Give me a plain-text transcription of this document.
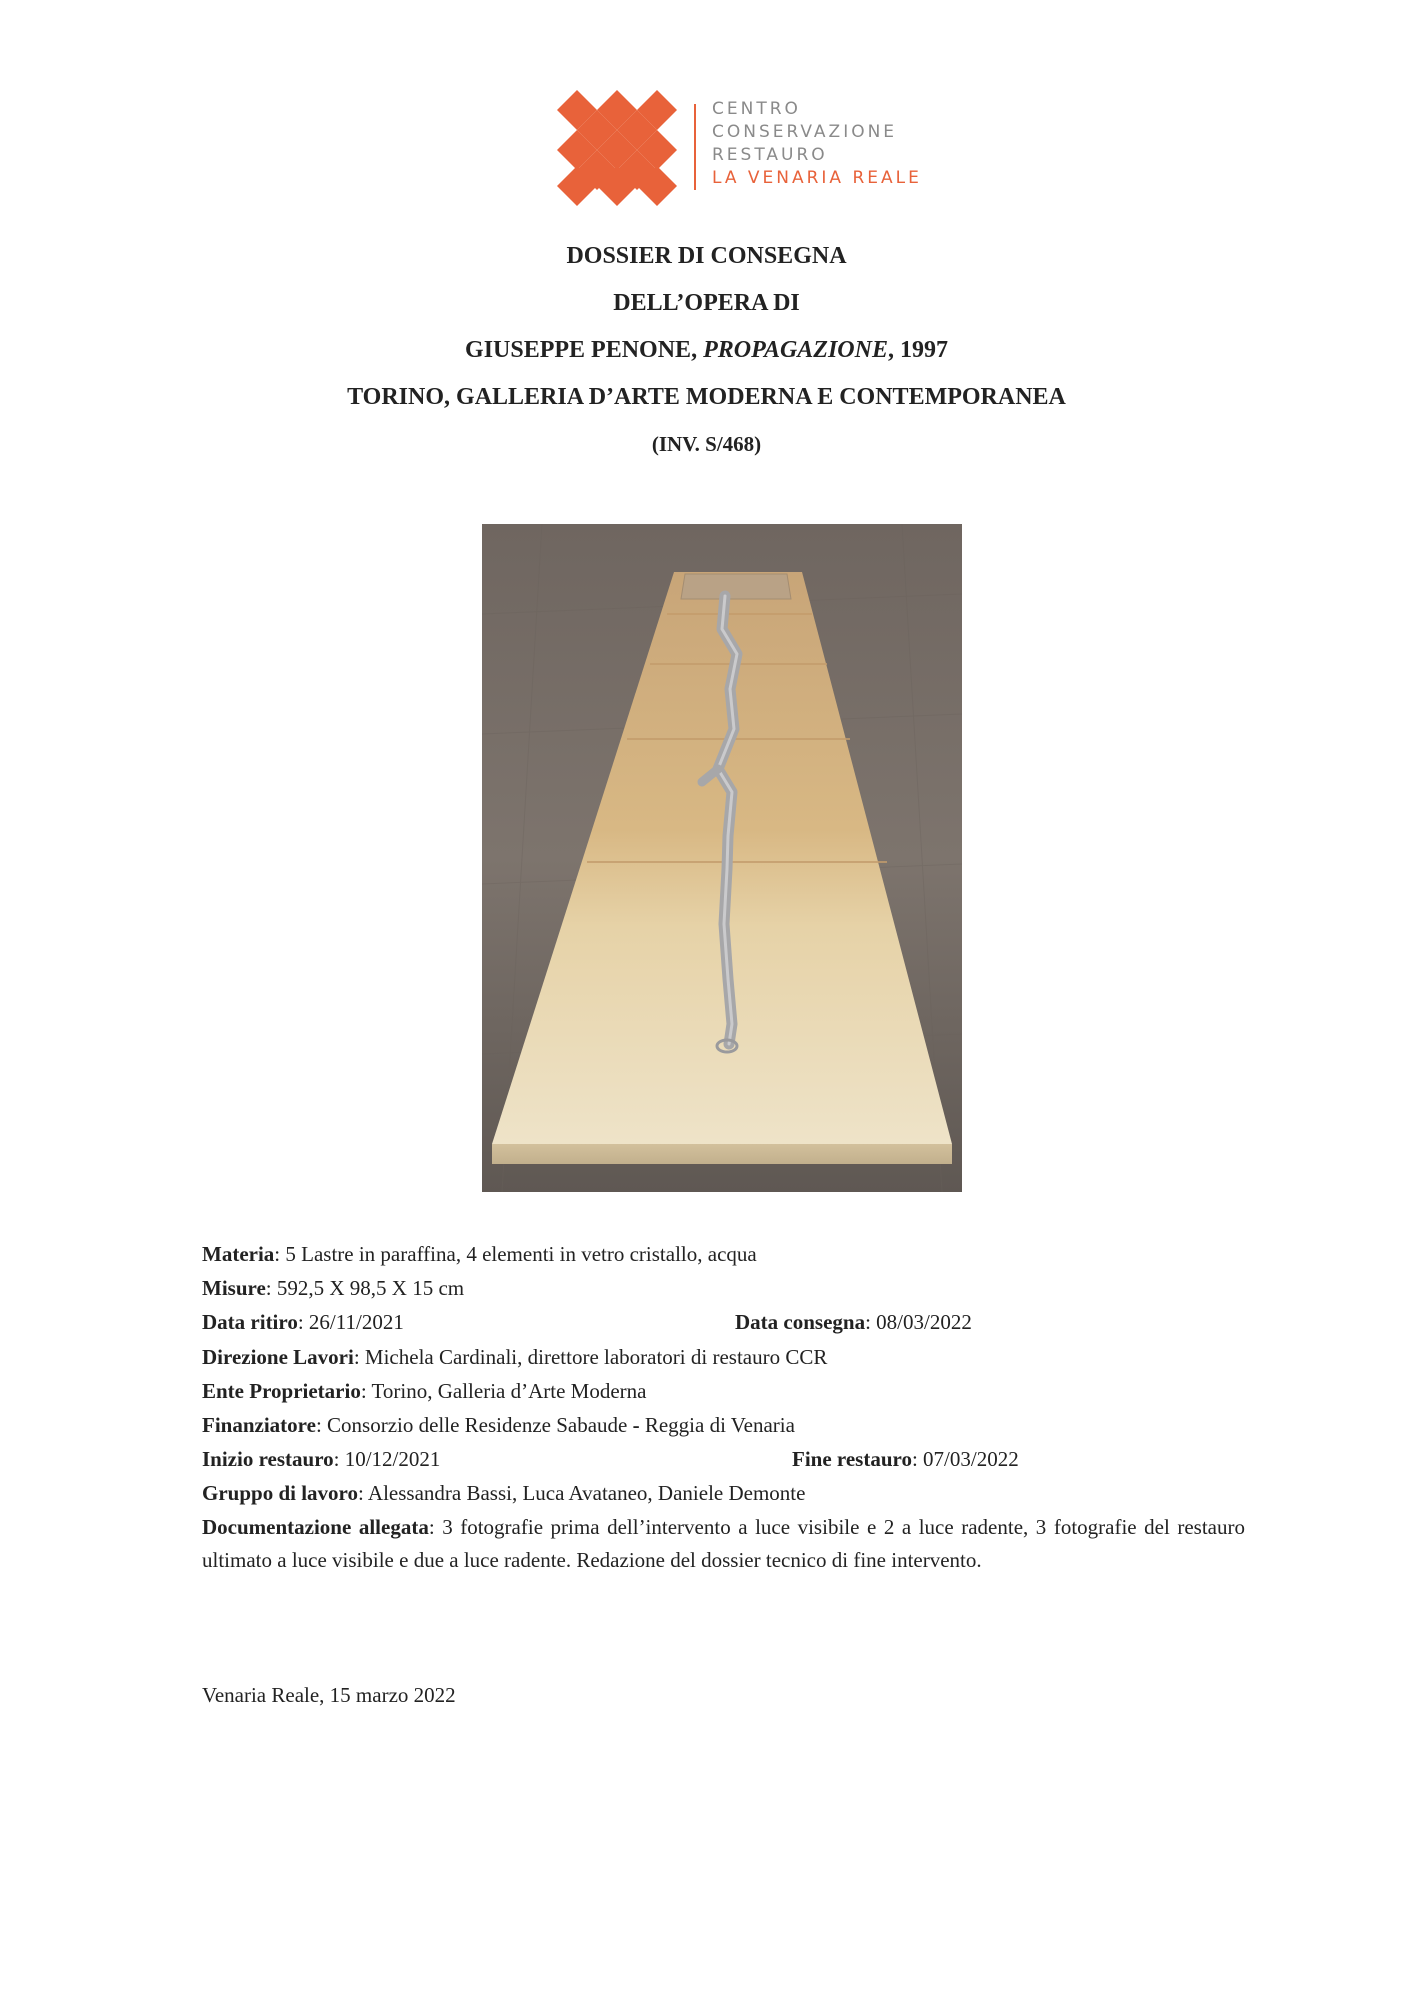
CENTRO
CONSERVAZIONE
RESTAURO
LA VENARIA REALE
DOSSIER DI CONSEGNA
DELL’OPERA DI
GIUSEPPE PENONE, PROPAGAZIONE, 1997
TORINO, GALLERIA D’ARTE MODERNA E CONTEMPORANEA
(INV. S/468)
Materia: 5 Lastre in paraffina, 4 elementi in vetro cristallo, acqua
Misure: 592,5 X 98,5 X 15 cm
Data ritiro: 26/11/2021	Data consegna: 08/03/2022
Direzione Lavori: Michela Cardinali, direttore laboratori di restauro CCR
Ente Proprietario: Torino, Galleria d’Arte Moderna
Finanziatore: Consorzio delle Residenze Sabaude - Reggia di Venaria
Inizio restauro: 10/12/2021	Fine restauro: 07/03/2022
Gruppo di lavoro: Alessandra Bassi, Luca Avataneo, Daniele Demonte
Documentazione allegata: 3 fotografie prima dell’intervento a luce visibile e 2 a luce radente, 3 fotografie del restauro ultimato a luce visibile e due a luce radente. Redazione del dossier tecnico di fine intervento.
Venaria Reale, 15 marzo 2022
